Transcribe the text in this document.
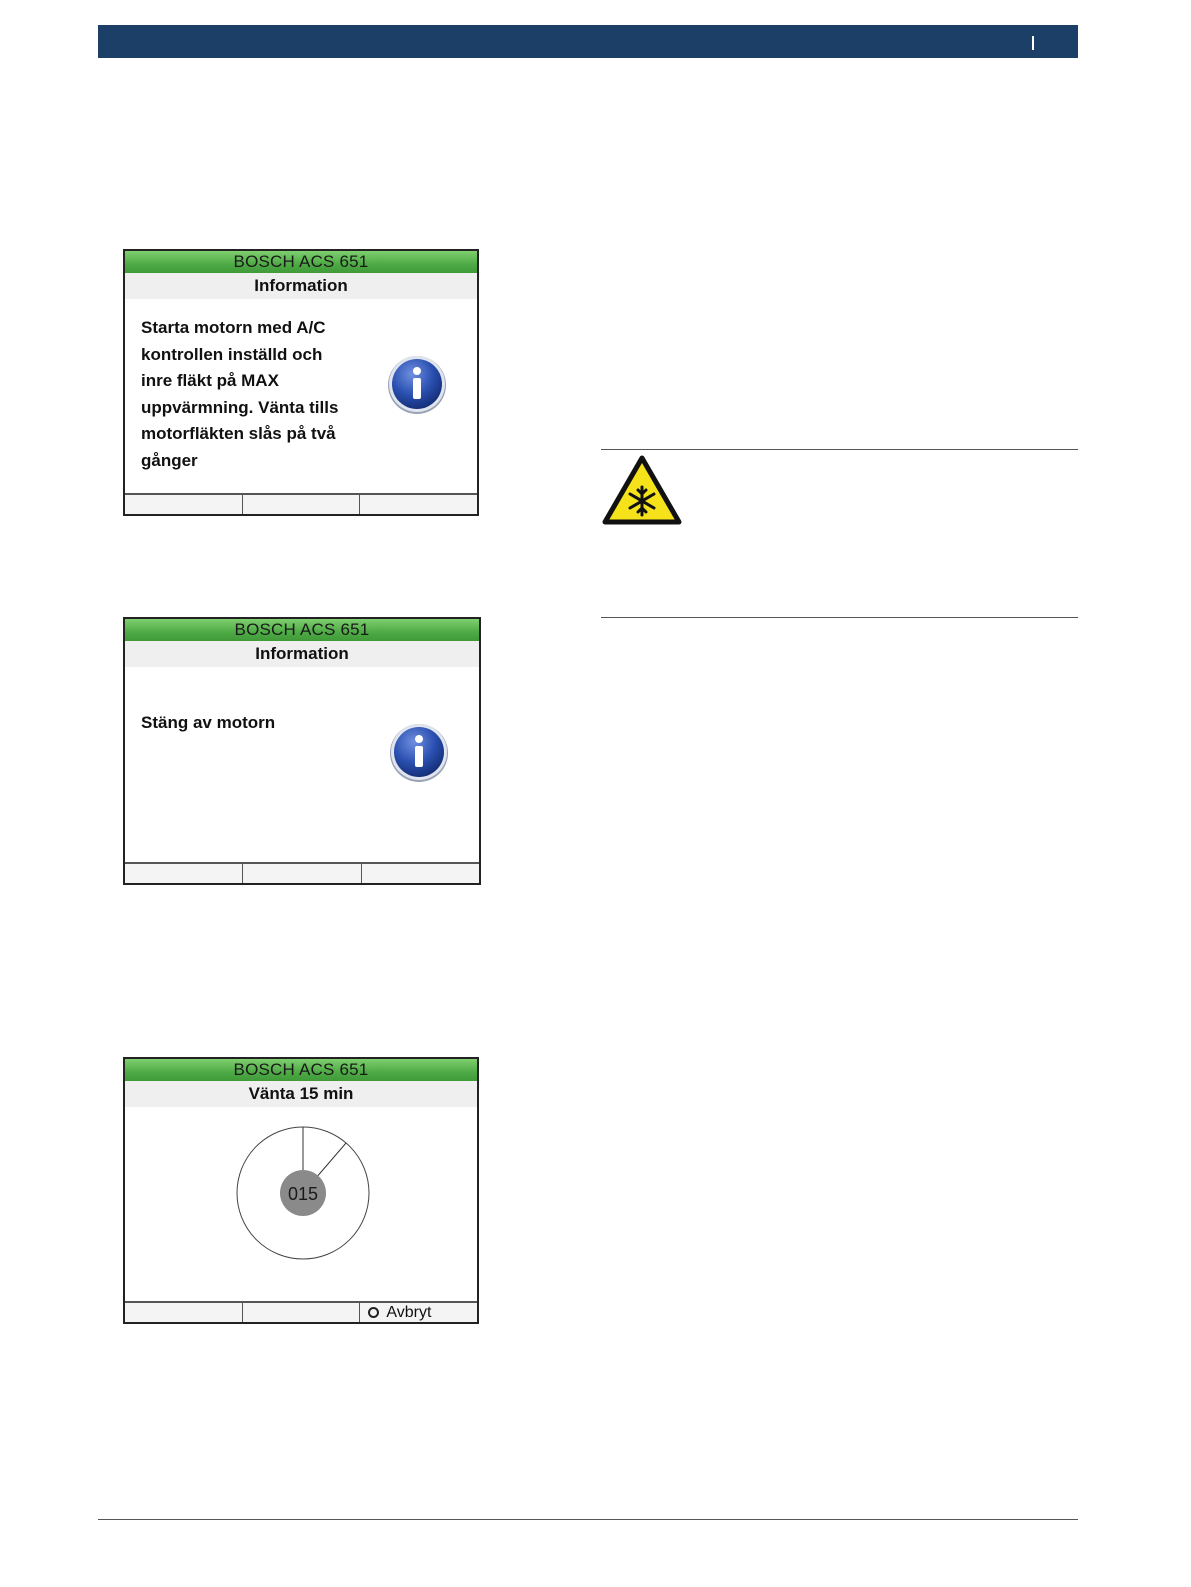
BOSCH ACS 651
Information
Starta motorn med A/C
kontrollen inställd och
inre fläkt på MAX
uppvärmning. Vänta tills
motorfläkten slås på två
gånger
BOSCH ACS 651
Information
Stäng av motorn
BOSCH ACS 651
Vänta 15 min
015
Avbryt
